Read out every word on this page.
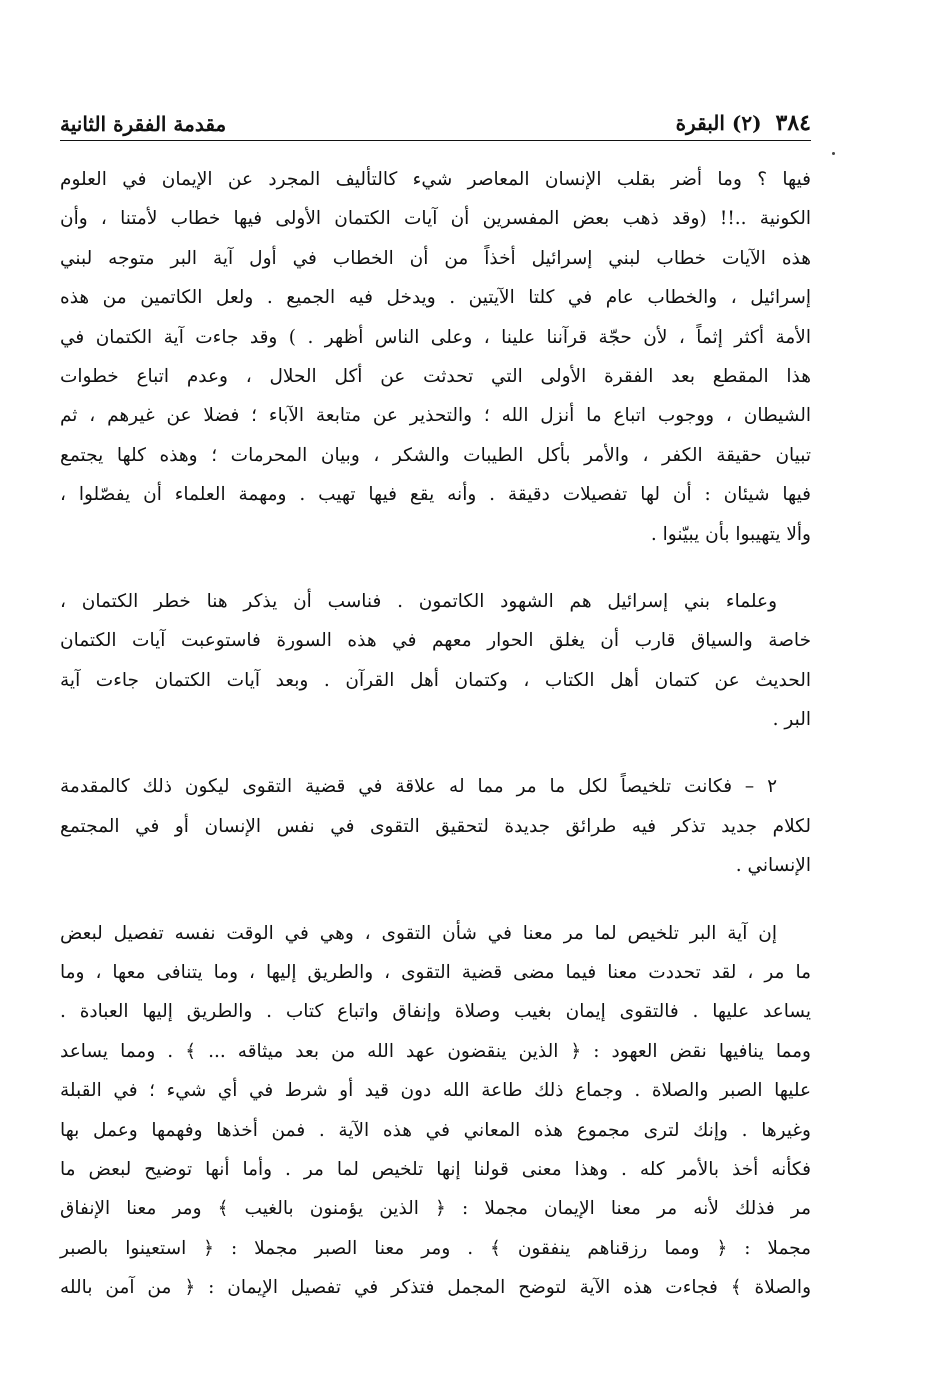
٣٨٤
(٢) البقرة
مقدمة الفقرة الثانية
فيها ؟ وما أضر بقلب الإنسان المعاصر شيء كالتأليف المجرد عن الإيمان في العلوم
الكونية ..!! (وقد ذهب بعض المفسرين أن آيات الكتمان الأولى فيها خطاب لأمتنا ، وأن
هذه الآيات خطاب لبني إسرائيل أخذاً من أن الخطاب في أول آية البر متوجه لبني
إسرائيل ، والخطاب عام في كلتا الآيتين . ويدخل فيه الجميع . ولعل الكاتمين من هذه
الأمة أكثر إثماً ، لأن حجّة قرآننا علينا ، وعلى الناس أظهر . ) وقد جاءت آية الكتمان في
هذا المقطع بعد الفقرة الأولى التي تحدثت عن أكل الحلال ، وعدم اتباع خطوات
الشيطان ، ووجوب اتباع ما أنزل الله ؛ والتحذير عن متابعة الآباء ؛ فضلا عن غيرهم ، ثم
تبيان حقيقة الكفر ، والأمر بأكل الطيبات والشكر ، وبيان المحرمات ؛ وهذه كلها يجتمع
فيها شيئان : أن لها تفصيلات دقيقة . وأنه يقع فيها تهيب . ومهمة العلماء أن يفصّلوا ،
وألا يتهيبوا بأن يبيّنوا .
وعلماء بني إسرائيل هم الشهود الكاتمون . فناسب أن يذكر هنا خطر الكتمان ،
خاصة والسياق قارب أن يغلق الحوار معهم في هذه السورة فاستوعبت آيات الكتمان
الحديث عن كتمان أهل الكتاب ، وكتمان أهل القرآن . وبعد آيات الكتمان جاءت آية
البر .
٢ – فكانت تلخيصاً لكل ما مر مما له علاقة في قضية التقوى ليكون ذلك كالمقدمة
لكلام جديد تذكر فيه طرائق جديدة لتحقيق التقوى في نفس الإنسان أو في المجتمع
الإنساني .
إن آية البر تلخيص لما مر معنا في شأن التقوى ، وهي في الوقت نفسه تفصيل لبعض
ما مر ، لقد تحددت معنا فيما مضى قضية التقوى ، والطريق إليها ، وما يتنافى معها ، وما
يساعد عليها . فالتقوى إيمان بغيب وصلاة وإنفاق واتباع كتاب . والطريق إليها العبادة .
ومما ينافيها نقض العهود : ﴿ الذين ينقضون عهد الله من بعد ميثاقه ... ﴾ . ومما يساعد
عليها الصبر والصلاة . وجماع ذلك طاعة الله دون قيد أو شرط في أي شيء ؛ في القبلة
وغيرها . وإنك لترى مجموع هذه المعاني في هذه الآية . فمن أخذها وفهمها وعمل بها
فكأنه أخذ بالأمر كله . وهذا معنى قولنا إنها تلخيص لما مر . وأما أنها توضيح لبعض ما
مر فذلك لأنه مر معنا الإيمان مجملا : ﴿ الذين يؤمنون بالغيب ﴾ ومر معنا الإنفاق
مجملا : ﴿ ومما رزقناهم ينفقون ﴾ . ومر معنا الصبر مجملا : ﴿ استعينوا بالصبر
والصلاة ﴾ فجاءت هذه الآية لتوضح المجمل فتذكر في تفصيل الإيمان : ﴿ من آمن بالله
